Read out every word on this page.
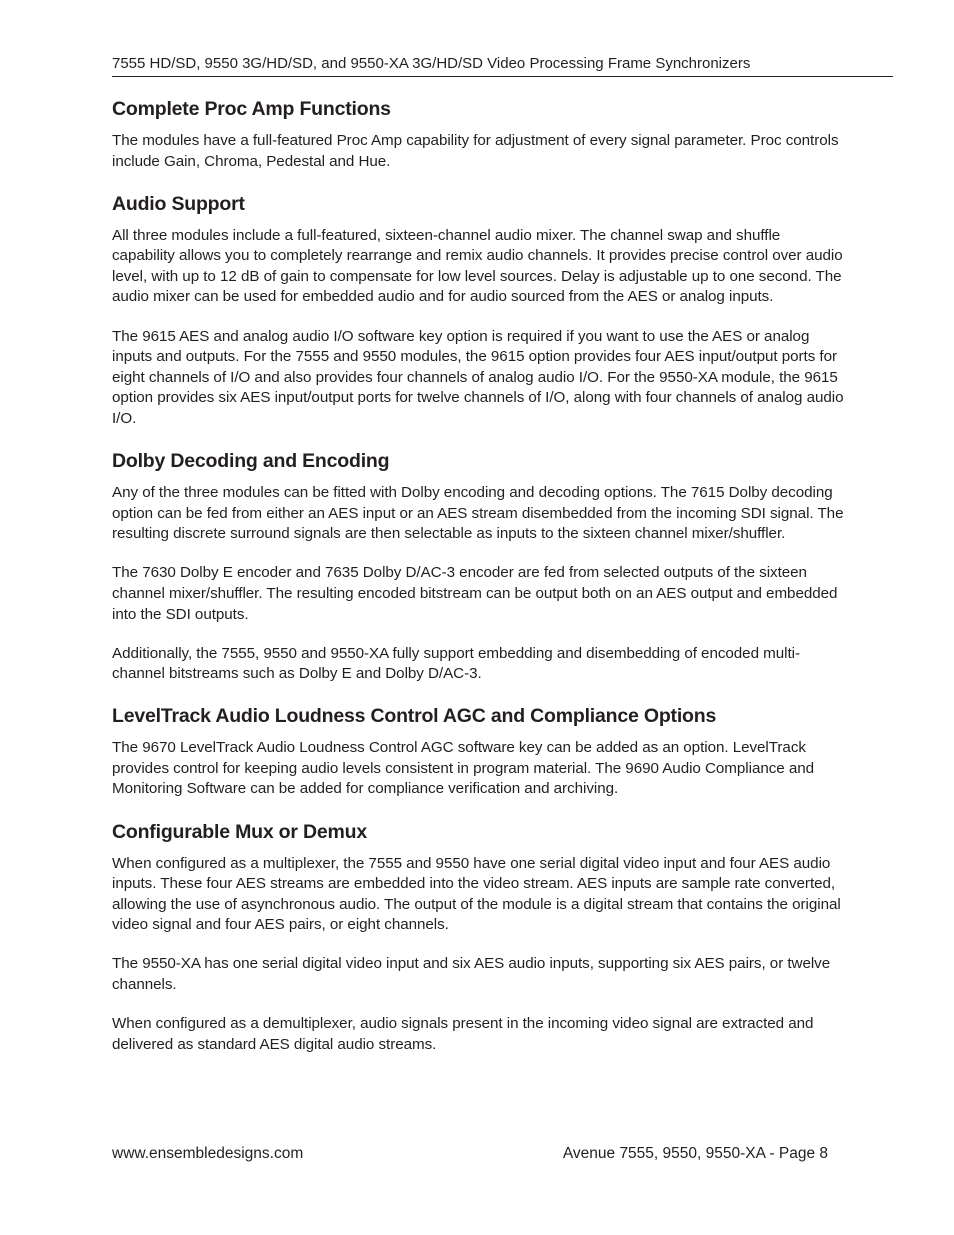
7555 HD/SD, 9550 3G/HD/SD, and 9550-XA 3G/HD/SD Video Processing Frame Synchronizers
Complete Proc Amp Functions

The modules have a full-featured Proc Amp capability for adjustment of every signal parameter. Proc controls include Gain, Chroma, Pedestal and Hue.

Audio Support

All three modules include a full-featured, sixteen-channel audio mixer. The channel swap and shuffle capability allows you to completely rearrange and remix audio channels. It provides precise control over audio level, with up to 12 dB of gain to compensate for low level sources. Delay is adjustable up to one second. The audio mixer can be used for embedded audio and for audio sourced from the AES or analog inputs.

The 9615 AES and analog audio I/O software key option is required if you want to use the AES or analog inputs and outputs. For the 7555 and 9550 modules, the 9615 option provides four AES input/output ports for eight channels of I/O and also provides four channels of analog audio I/O. For the 9550-XA module, the 9615 option provides six AES input/output ports for twelve channels of I/O, along with four channels of analog audio I/O.

Dolby Decoding and Encoding

Any of the three modules can be fitted with Dolby encoding and decoding options. The 7615 Dolby decoding option can be fed from either an AES input or an AES stream disembedded from the incoming SDI signal. The resulting discrete surround signals are then selectable as inputs to the sixteen channel mixer/shuffler.

The 7630 Dolby E encoder and 7635 Dolby D/AC-3 encoder are fed from selected outputs of the sixteen channel mixer/shuffler. The resulting encoded bitstream can be output both on an AES output and embedded into the SDI outputs.

Additionally, the 7555, 9550 and 9550-XA fully support embedding and disembedding of encoded multi-channel bitstreams such as Dolby E and Dolby D/AC-3.

LevelTrack Audio Loudness Control AGC and Compliance Options

The 9670 LevelTrack Audio Loudness Control AGC software key can be added as an option. LevelTrack provides control for keeping audio levels consistent in program material. The 9690 Audio Compliance and Monitoring Software can be added for compliance verification and archiving.

Configurable Mux or Demux

When configured as a multiplexer, the 7555 and 9550 have one serial digital video input and four AES audio inputs. These four AES streams are embedded into the video stream. AES inputs are sample rate converted, allowing the use of asynchronous audio. The output of the module is a digital stream that contains the original video signal and four AES pairs, or eight channels.

The 9550-XA has one serial digital video input and six AES audio inputs, supporting six AES pairs, or twelve channels.

When configured as a demultiplexer, audio signals present in the incoming video signal are extracted and delivered as standard AES digital audio streams.

www.ensembledesigns.com	Avenue 7555, 9550, 9550-XA - Page 8
